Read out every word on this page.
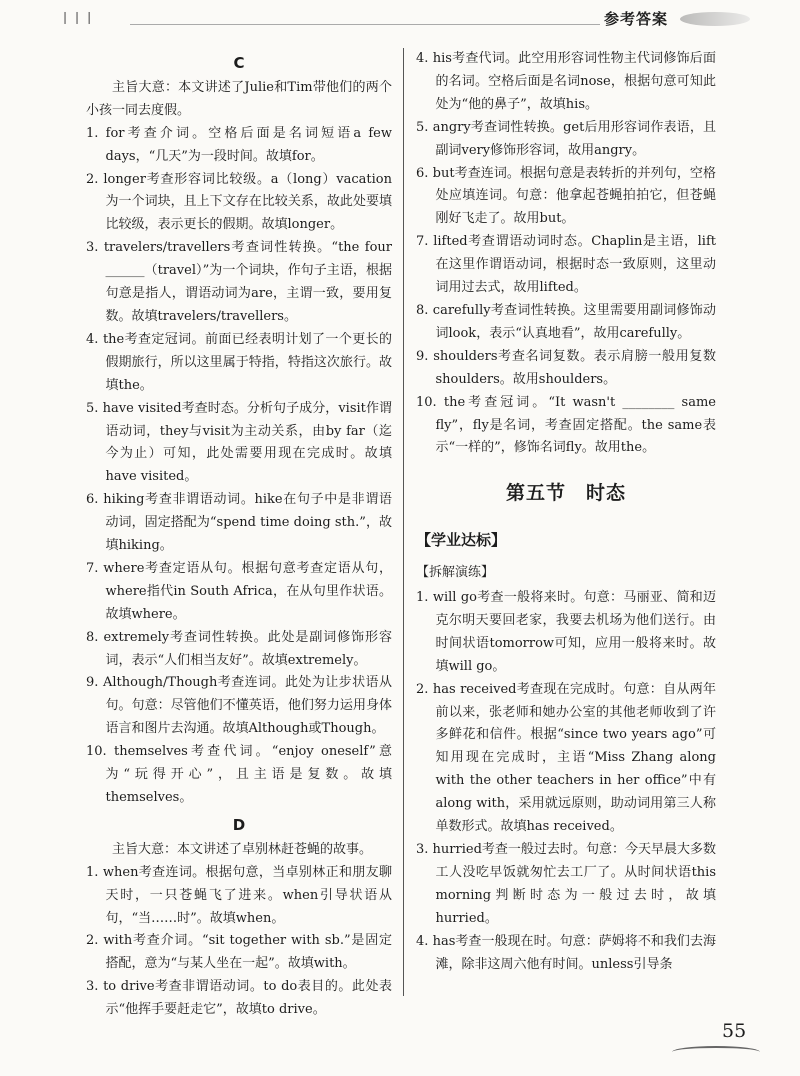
❘❘❘	参考答案
C

主旨大意：本文讲述了Julie和Tim带他们的两个小孩一同去度假。

1. for考查介词。空格后面是名词短语a few days，“几天”为一段时间。故填for。

2. longer考查形容词比较级。a（long）vacation为一个词块，且上下文存在比较关系，故此处要填比较级，表示更长的假期。故填longer。

3. travelers/travellers考查词性转换。“the four ______（travel）”为一个词块，作句子主语，根据句意是指人，谓语动词为are，主谓一致，要用复数。故填travelers/travellers。

4. the考查定冠词。前面已经表明计划了一个更长的假期旅行，所以这里属于特指，特指这次旅行。故填the。

5. have visited考查时态。分析句子成分，visit作谓语动词，they与visit为主动关系，由by far（迄今为止）可知，此处需要用现在完成时。故填have visited。

6. hiking考查非谓语动词。hike在句子中是非谓语动词，固定搭配为“spend time doing sth.”，故填hiking。

7. where考查定语从句。根据句意考查定语从句，where指代in South Africa，在从句里作状语。故填where。

8. extremely考查词性转换。此处是副词修饰形容词，表示“人们相当友好”。故填extremely。

9. Although/Though考查连词。此处为让步状语从句。句意：尽管他们不懂英语，他们努力运用身体语言和图片去沟通。故填Although或Though。

10. themselves考查代词。“enjoy oneself”意为“玩得开心”，且主语是复数。故填themselves。

D

主旨大意：本文讲述了卓别林赶苍蝇的故事。

1. when考查连词。根据句意，当卓别林正和朋友聊天时，一只苍蝇飞了进来。when引导状语从句，“当……时”。故填when。

2. with考查介词。“sit together with sb.”是固定搭配，意为“与某人坐在一起”。故填with。

3. to drive考查非谓语动词。to do表目的。此处表示“他挥手要赶走它”，故填to drive。

4. his考查代词。此空用形容词性物主代词修饰后面的名词。空格后面是名词nose，根据句意可知此处为“他的鼻子”，故填his。

5. angry考查词性转换。get后用形容词作表语，且副词very修饰形容词，故用angry。

6. but考查连词。根据句意是表转折的并列句，空格处应填连词。句意：他拿起苍蝇拍拍它，但苍蝇刚好飞走了。故用but。

7. lifted考查谓语动词时态。Chaplin是主语，lift在这里作谓语动词，根据时态一致原则，这里动词用过去式，故用lifted。

8. carefully考查词性转换。这里需要用副词修饰动词look，表示“认真地看”，故用carefully。

9. shoulders考查名词复数。表示肩膀一般用复数shoulders。故用shoulders。

10. the考查冠词。“It wasn't ________ same fly”，fly是名词，考查固定搭配。the same表示“一样的”，修饰名词fly。故用the。

第五节　时态
【学业达标】
【拆解演练】

1. will go考查一般将来时。句意：马丽亚、简和迈克尔明天要回老家，我要去机场为他们送行。由时间状语tomorrow可知，应用一般将来时。故填will go。

2. has received考查现在完成时。句意：自从两年前以来，张老师和她办公室的其他老师收到了许多鲜花和信件。根据“since two years ago”可知用现在完成时，主语“Miss Zhang along with the other teachers in her office”中有along with，采用就远原则，助动词用第三人称单数形式。故填has received。

3. hurried考查一般过去时。句意：今天早晨大多数工人没吃早饭就匆忙去工厂了。从时间状语this morning判断时态为一般过去时，故填hurried。

4. has考查一般现在时。句意：萨姆将不和我们去海滩，除非这周六他有时间。unless引导条

55
